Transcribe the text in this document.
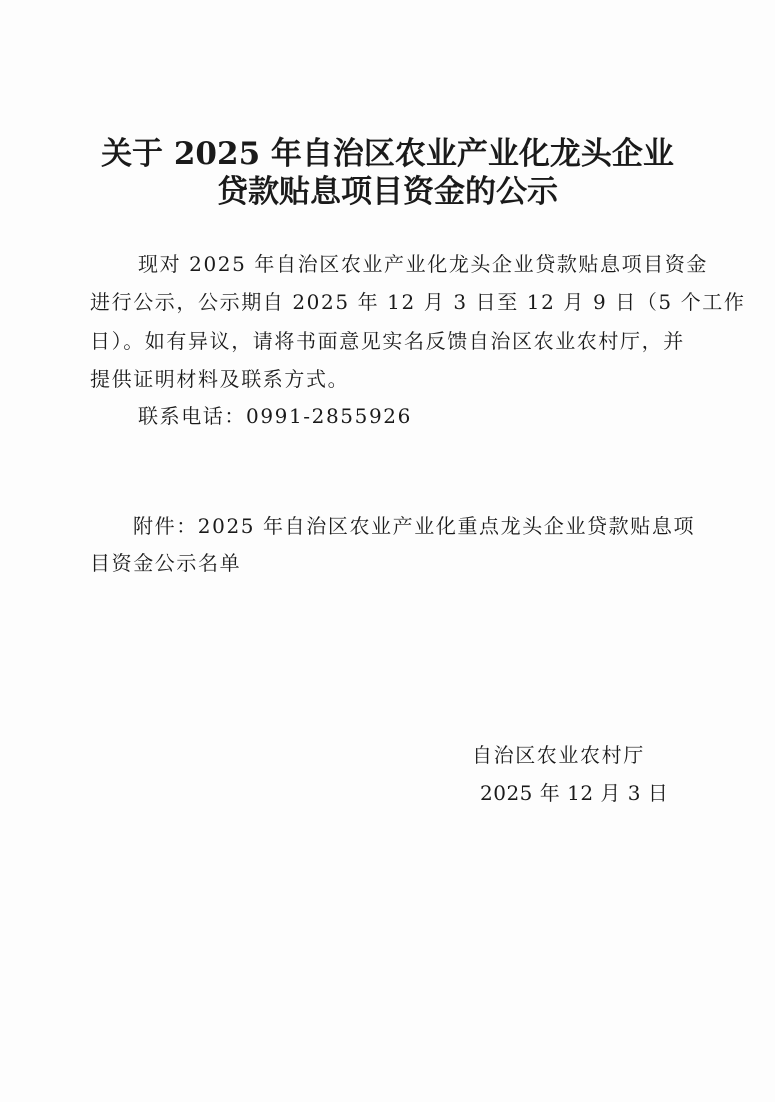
关于 2025 年自治区农业产业化龙头企业
贷款贴息项目资金的公示
现对 2025 年自治区农业产业化龙头企业贷款贴息项目资金
进行公示，公示期自 2025 年 12 月 3 日至 12 月 9 日（5 个工作
日）。如有异议，请将书面意见实名反馈自治区农业农村厅，并
提供证明材料及联系方式。
联系电话：0991-2855926
附件：2025 年自治区农业产业化重点龙头企业贷款贴息项
目资金公示名单
自治区农业农村厅
2025 年 12 月 3 日
